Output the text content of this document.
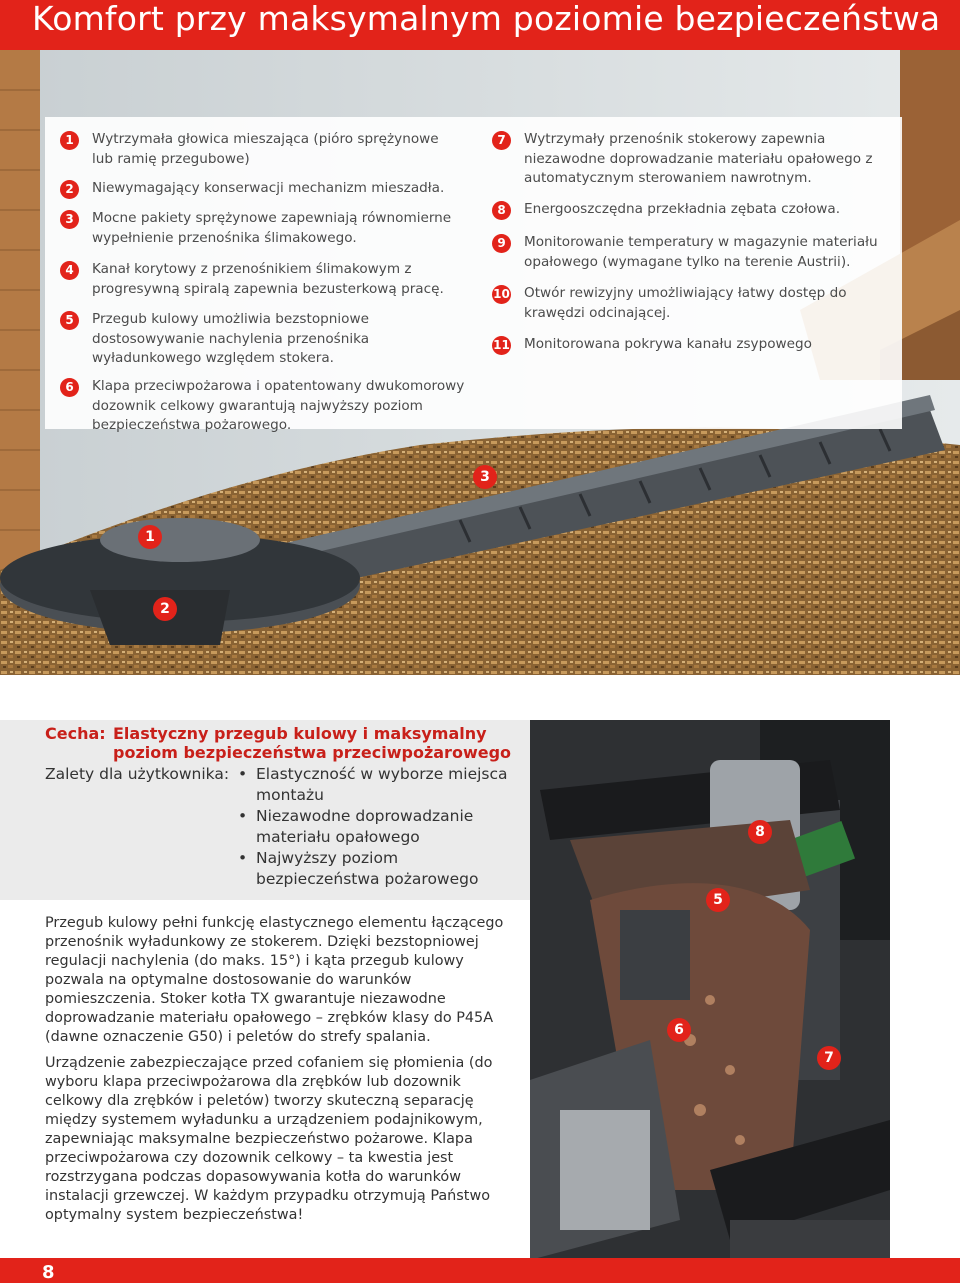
Komfort przy maksymalnym poziomie bezpieczeństwa
1
2
3
1	Wytrzymała głowica mieszająca (pióro sprężynowe lub ramię przegubowe)
2	Niewymagający konserwacji mechanizm mieszadła.
3	Mocne pakiety sprężynowe zapewniają równomierne wypełnienie przenośnika ślimakowego.
4	Kanał korytowy z przenośnikiem ślimakowym z progresywną spiralą zapewnia bezusterkową pracę.
5	Przegub kulowy umożliwia bezstopniowe dostosowywanie nachylenia przenośnika wyładunkowego względem stokera.
6	Klapa przeciwpożarowa i opatentowany dwukomorowy dozownik celkowy gwarantują najwyższy poziom bezpieczeństwa pożarowego.
7	Wytrzymały przenośnik stokerowy zapewnia niezawodne doprowadzanie materiału opałowego z automatycznym sterowaniem nawrotnym.
8	Energooszczędna przekładnia zębata czołowa.
9	Monitorowanie temperatury w magazynie materiału opałowego (wymagane tylko na terenie Austrii).
10	Otwór rewizyjny umożliwiający łatwy dostęp do krawędzi odcinającej.
11	Monitorowana pokrywa kanału zsypowego
Cecha: Elastyczny przegub kulowy i maksymalny poziom bezpieczeństwa przeciwpożarowego
Zalety dla użytkownika:
•	Elastyczność w wyborze miejsca montażu
• Niezawodne doprowadzanie materiału opałowego
• Najwyższy poziom bezpieczeństwa pożarowego

Przegub kulowy pełni funkcję elastycznego elementu łączącego przenośnik wyładunkowy ze stokerem. Dzięki bezstopniowej regulacji nachylenia (do maks. 15°) i kąta przegub kulowy pozwala na optymalne dostosowanie do warunków pomieszczenia. Stoker kotła TX gwarantuje niezawodne doprowadzanie materiału opałowego – zrębków klasy do P45A (dawne oznaczenie G50) i peletów do strefy spalania.

Urządzenie zabezpieczające przed cofaniem się płomienia (do wyboru klapa przeciwpożarowa dla zrębków lub dozownik celkowy dla zrębków i peletów) tworzy skuteczną separację między systemem wyładunku a urządzeniem podajnikowym, zapewniając maksymalne bezpieczeństwo pożarowe. Klapa przeciwpożarowa czy dozownik celkowy – ta kwestia jest rozstrzygana podczas dopasowywania kotła do warunków instalacji grzewczej. W każdym przypadku otrzymują Państwo optymalny system bezpieczeństwa!

8
5
6
7
8
